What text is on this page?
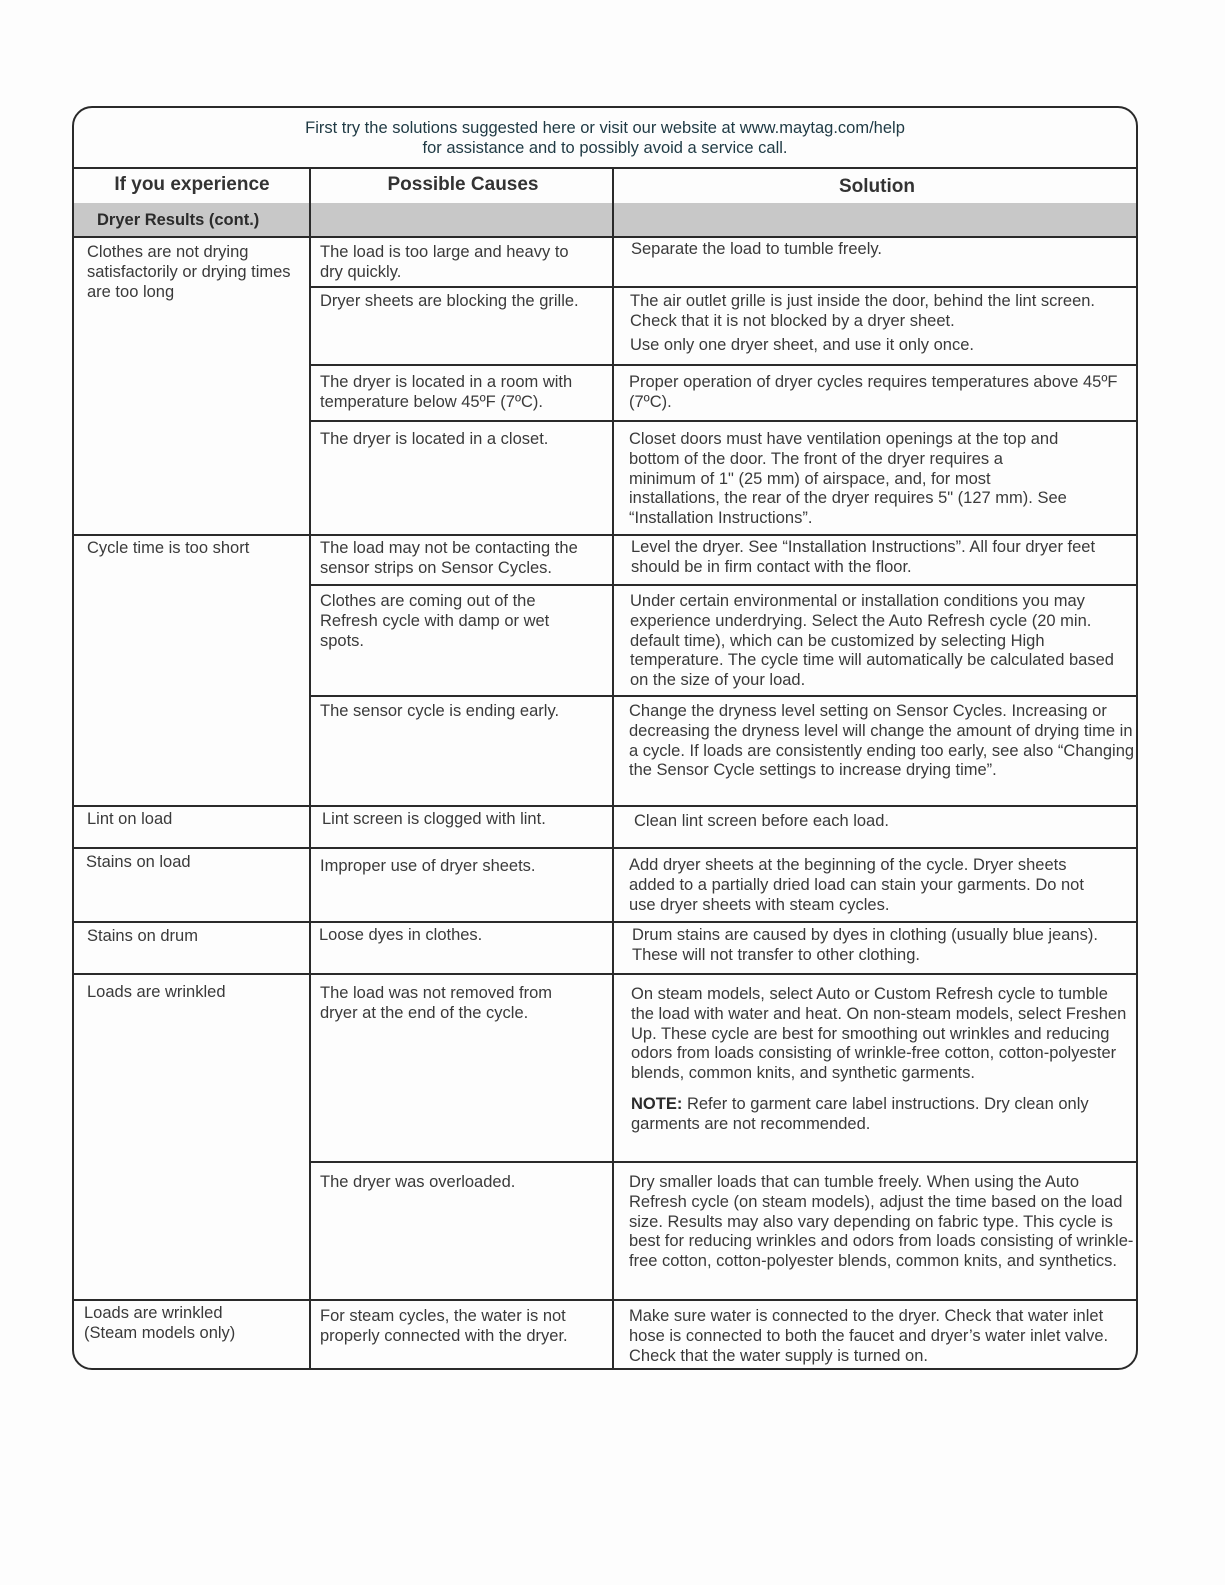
First try the solutions suggested here or visit our website at www.maytag.com/help
for assistance and to possibly avoid a service call.
Dryer Results (cont.)
If you experience	Possible Causes	Solution
Clothes are not drying satisfactorily or drying times are too long
Cycle time is too short
Lint on load
Stains on load
Stains on drum
Loads are wrinkled
Loads are wrinkled (Steam models only)
The load is too large and heavy to dry quickly.
Dryer sheets are blocking the grille.
The dryer is located in a room with temperature below 45ºF (7ºC).
The dryer is located in a closet.
The load may not be contacting the sensor strips on Sensor Cycles.
Clothes are coming out of the Refresh cycle with damp or wet spots.
The sensor cycle is ending early.
Lint screen is clogged with lint.
Improper use of dryer sheets.
Loose dyes in clothes.
The load was not removed from dryer at the end of the cycle.
The dryer was overloaded.
For steam cycles, the water is not properly connected with the dryer.
Separate the load to tumble freely.

The air outlet grille is just inside the door, behind the lint screen. Check that it is not blocked by a dryer sheet.

Use only one dryer sheet, and use it only once.

Proper operation of dryer cycles requires temperatures above 45ºF (7ºC).
Closet doors must have ventilation openings at the top and bottom of the door. The front of the dryer requires a minimum of 1" (25 mm) of airspace, and, for most installations, the rear of the dryer requires 5" (127 mm). See “Installation Instructions”.
Level the dryer. See “Installation Instructions”. All four dryer feet should be in firm contact with the floor.
Under certain environmental or installation conditions you may experience underdrying. Select the Auto Refresh cycle (20 min. default time), which can be customized by selecting High temperature. The cycle time will automatically be calculated based on the size of your load.
Change the dryness level setting on Sensor Cycles. Increasing or decreasing the dryness level will change the amount of drying time in a cycle. If loads are consistently ending too early, see also “Changing the Sensor Cycle settings to increase drying time”.
Clean lint screen before each load.
Add dryer sheets at the beginning of the cycle. Dryer sheets added to a partially dried load can stain your garments. Do not use dryer sheets with steam cycles.
Drum stains are caused by dyes in clothing (usually blue jeans). These will not transfer to other clothing.

On steam models, select Auto or Custom Refresh cycle to tumble the load with water and heat. On non-steam models, select Freshen Up. These cycle are best for smoothing out wrinkles and reducing odors from loads consisting of wrinkle-free cotton, cotton-polyester blends, common knits, and synthetic garments.

NOTE: Refer to garment care label instructions. Dry clean only garments are not recommended.

Dry smaller loads that can tumble freely. When using the Auto Refresh cycle (on steam models), adjust the time based on the load size. Results may also vary depending on fabric type. This cycle is best for reducing wrinkles and odors from loads consisting of wrinkle-free cotton, cotton-polyester blends, common knits, and synthetics.
Make sure water is connected to the dryer. Check that water inlet hose is connected to both the faucet and dryer’s water inlet valve. Check that the water supply is turned on.
